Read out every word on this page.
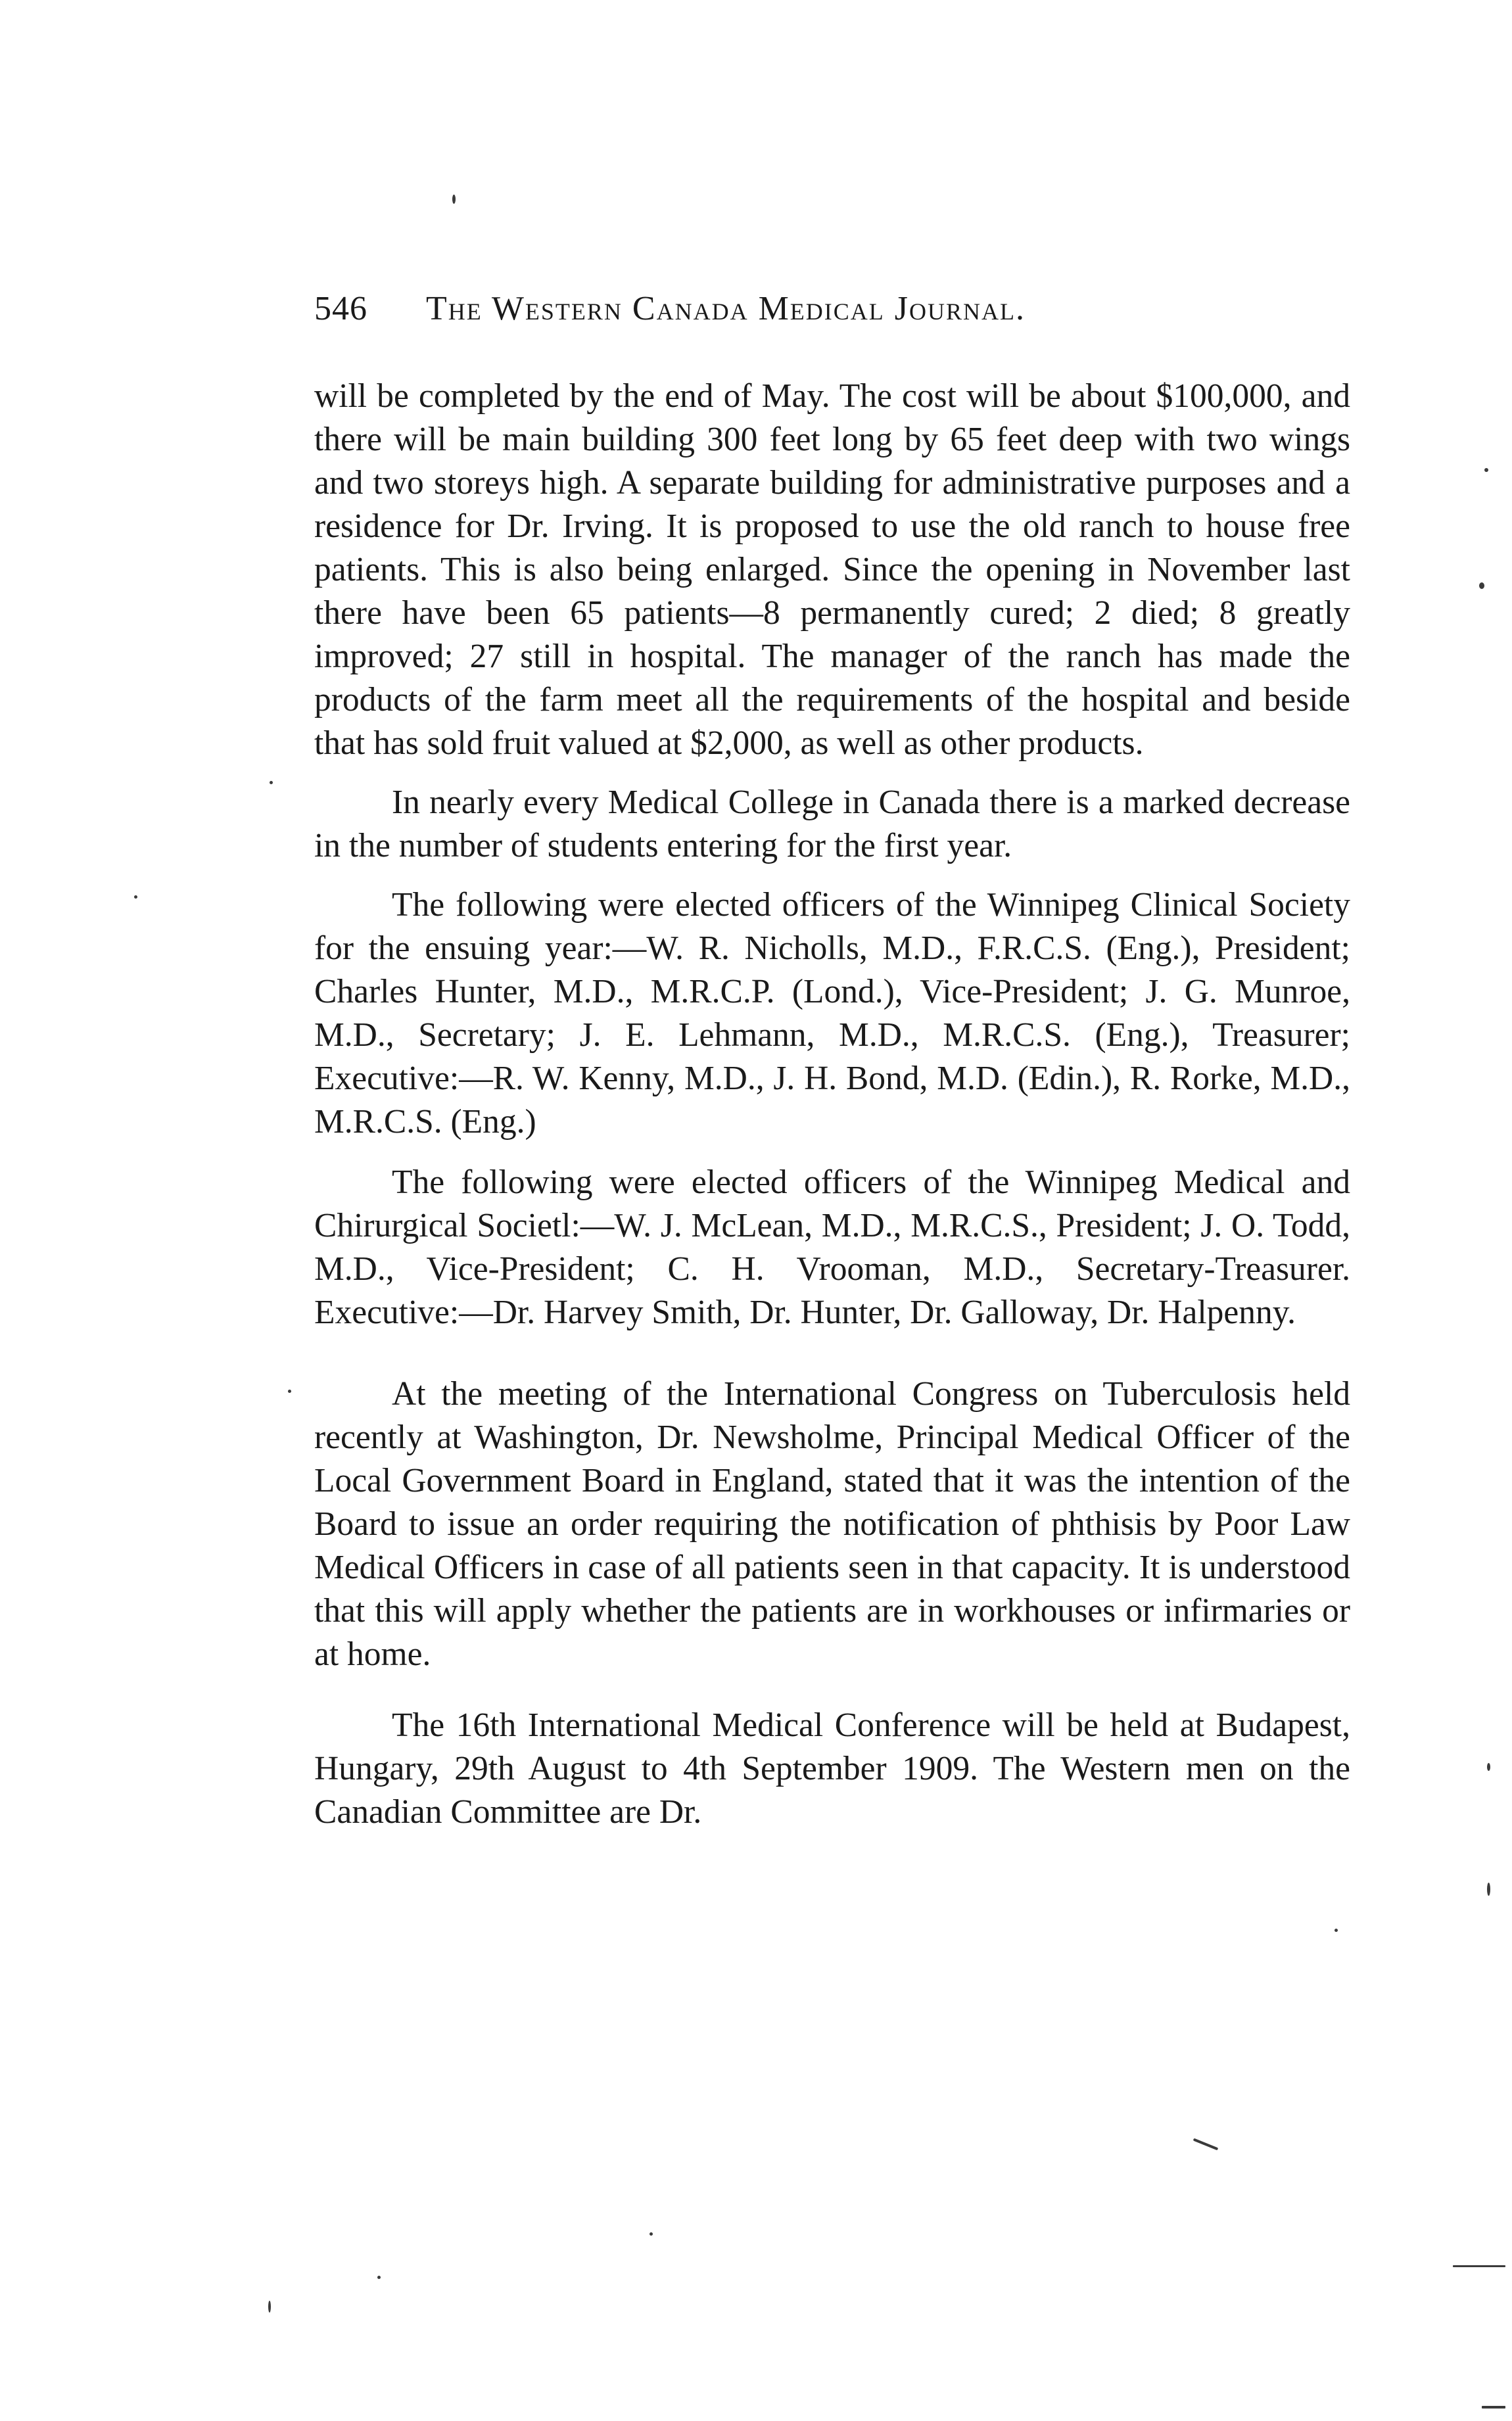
546 The Western Canada Medical Journal.

will be completed by the end of May. The cost will be about $100,000, and there will be main building 300 feet long by 65 feet deep with two wings and two storeys high. A separate building for administrative purposes and a residence for Dr. Irving. It is proposed to use the old ranch to house free patients. This is also being enlarged. Since the opening in November last there have been 65 patients—8 permanently cured; 2 died; 8 greatly improved; 27 still in hospital. The manager of the ranch has made the products of the farm meet all the requirements of the hospital and beside that has sold fruit valued at $2,000, as well as other products.

In nearly every Medical College in Canada there is a marked decrease in the number of students entering for the first year.

The following were elected officers of the Winnipeg Clinical Society for the ensuing year:—W. R. Nicholls, M.D., F.R.C.S. (Eng.), President; Charles Hunter, M.D., M.R.C.P. (Lond.), Vice-President; J. G. Munroe, M.D., Secretary; J. E. Lehmann, M.D., M.R.C.S. (Eng.), Treasurer; Executive:—R. W. Kenny, M.D., J. H. Bond, M.D. (Edin.), R. Rorke, M.D., M.R.C.S. (Eng.)

The following were elected officers of the Winnipeg Medical and Chirurgical Societl:—W. J. McLean, M.D., M.R.C.S., President; J. O. Todd, M.D., Vice-President; C. H. Vrooman, M.D., Secretary-Treasurer. Executive:—Dr. Harvey Smith, Dr. Hunter, Dr. Galloway, Dr. Halpenny.

At the meeting of the International Congress on Tuberculosis held recently at Washington, Dr. Newsholme, Principal Medical Officer of the Local Government Board in England, stated that it was the intention of the Board to issue an order requiring the notification of phthisis by Poor Law Medical Officers in case of all patients seen in that capacity. It is understood that this will apply whether the patients are in workhouses or infirmaries or at home.

The 16th International Medical Conference will be held at Budapest, Hungary, 29th August to 4th September 1909. The Western men on the Canadian Committee are Dr.
